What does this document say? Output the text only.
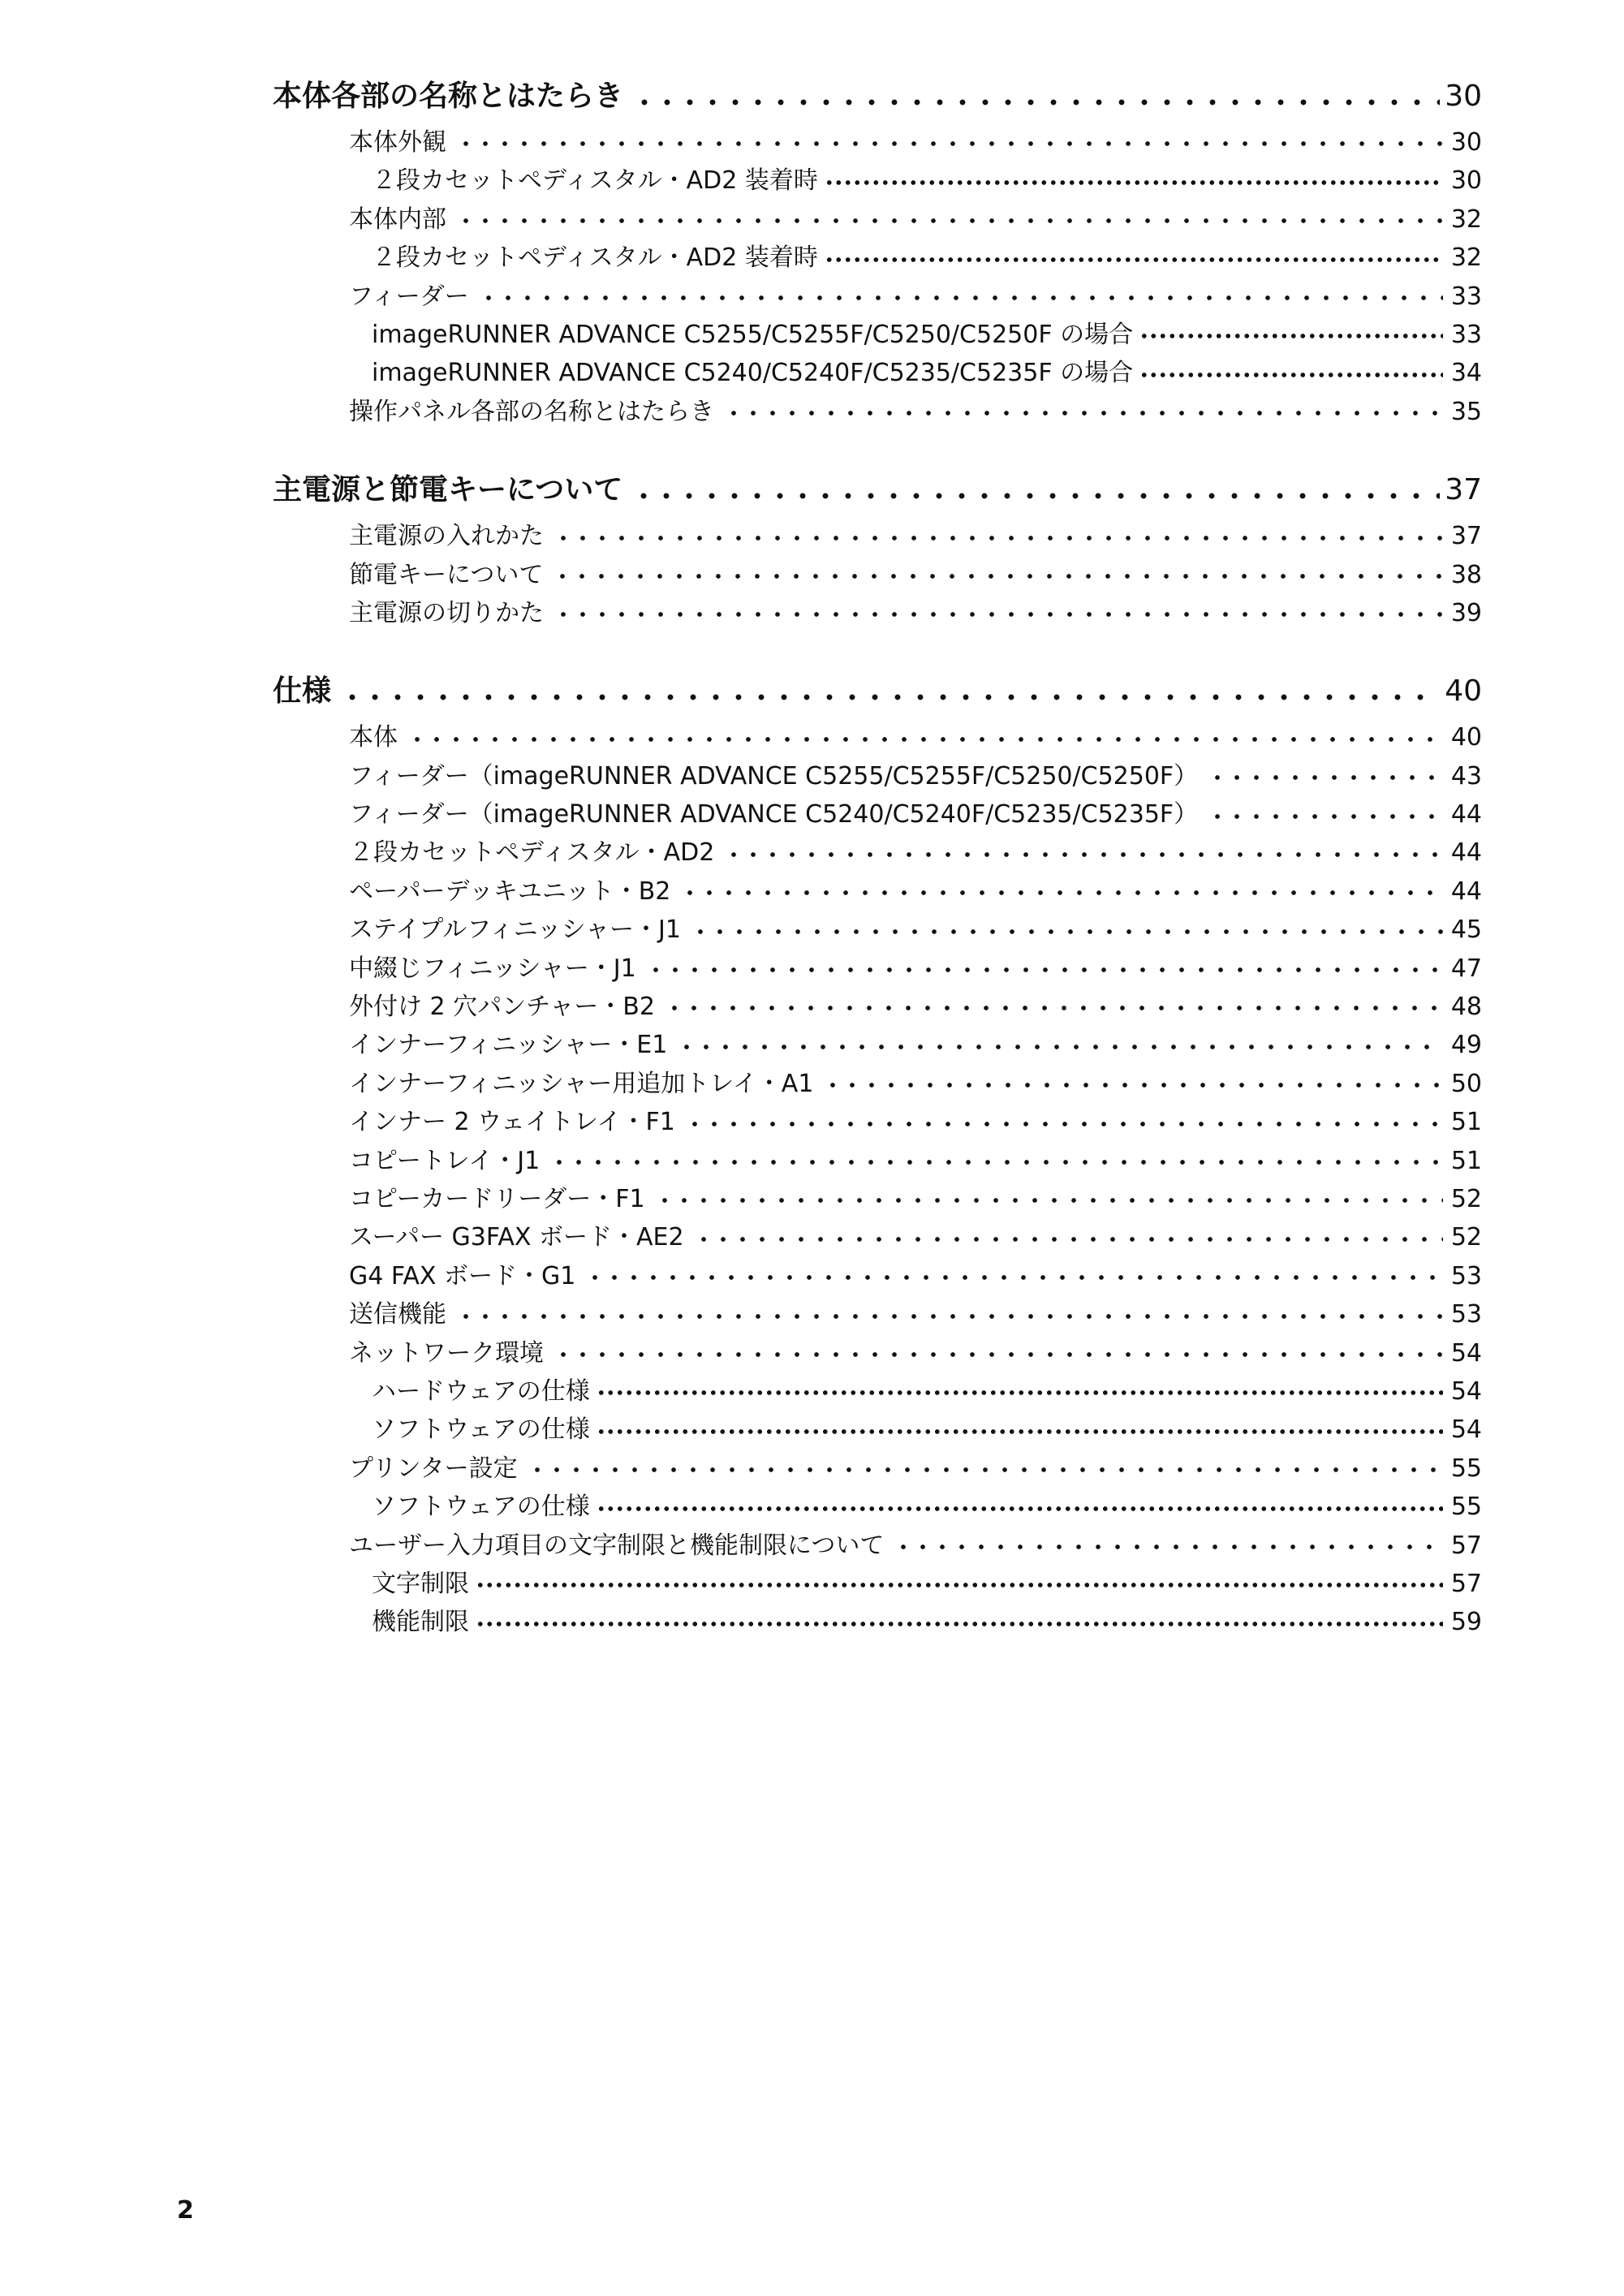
本体各部の名称とはたらき	30
本体外観	30
２段カセットペディスタル・AD2 装着時	30
本体内部	32
２段カセットペディスタル・AD2 装着時	32
フィーダー	33
imageRUNNER ADVANCE C5255/C5255F/C5250/C5250F の場合	33
imageRUNNER ADVANCE C5240/C5240F/C5235/C5235F の場合	34
操作パネル各部の名称とはたらき	35
主電源と節電キーについて	37
主電源の入れかた	37
節電キーについて	38
主電源の切りかた	39
仕様	40
本体	40
フィーダー（imageRUNNER ADVANCE C5255/C5255F/C5250/C5250F）	43
フィーダー（imageRUNNER ADVANCE C5240/C5240F/C5235/C5235F）	44
２段カセットペディスタル・AD2	44
ペーパーデッキユニット・B2	44
ステイプルフィニッシャー・J1	45
中綴じフィニッシャー・J1	47
外付け 2 穴パンチャー・B2	48
インナーフィニッシャー・E1	49
インナーフィニッシャー用追加トレイ・A1	50
インナー 2 ウェイトレイ・F1	51
コピートレイ・J1	51
コピーカードリーダー・F1	52
スーパー G3FAX ボード・AE2	52
G4 FAX ボード・G1	53
送信機能	53
ネットワーク環境	54
ハードウェアの仕様	54
ソフトウェアの仕様	54
プリンター設定	55
ソフトウェアの仕様	55
ユーザー入力項目の文字制限と機能制限について	57
文字制限	57
機能制限	59
2
